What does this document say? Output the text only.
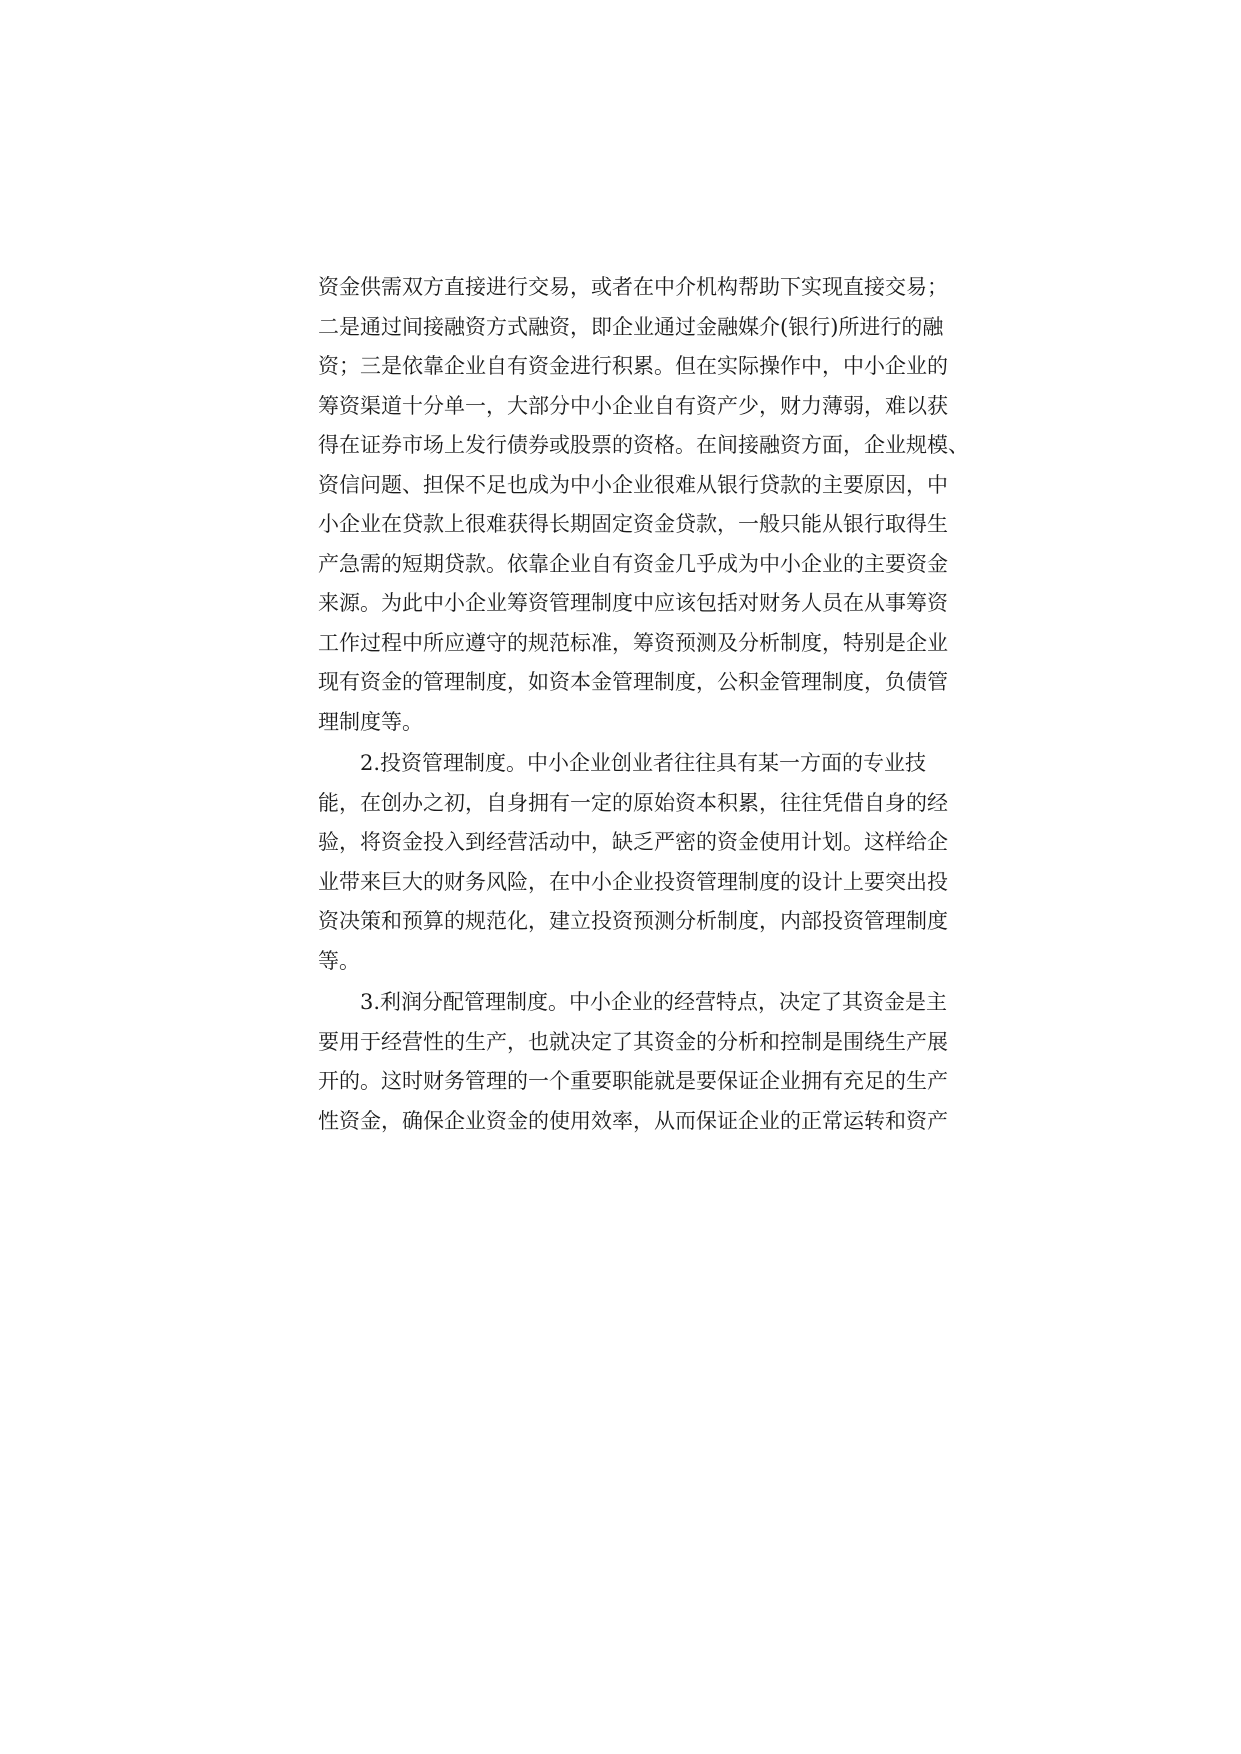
资金供需双方直接进行交易，或者在中介机构帮助下实现直接交易；
二是通过间接融资方式融资，即企业通过金融媒介(银行)所进行的融
资；三是依靠企业自有资金进行积累。但在实际操作中，中小企业的
筹资渠道十分单一，大部分中小企业自有资产少，财力薄弱，难以获
得在证券市场上发行债券或股票的资格。在间接融资方面，企业规模、
资信问题、担保不足也成为中小企业很难从银行贷款的主要原因，中
小企业在贷款上很难获得长期固定资金贷款，一般只能从银行取得生
产急需的短期贷款。依靠企业自有资金几乎成为中小企业的主要资金
来源。为此中小企业筹资管理制度中应该包括对财务人员在从事筹资
工作过程中所应遵守的规范标准，筹资预测及分析制度，特别是企业
现有资金的管理制度，如资本金管理制度，公积金管理制度，负债管
理制度等。
2.投资管理制度。中小企业创业者往往具有某一方面的专业技
能，在创办之初，自身拥有一定的原始资本积累，往往凭借自身的经
验，将资金投入到经营活动中，缺乏严密的资金使用计划。这样给企
业带来巨大的财务风险，在中小企业投资管理制度的设计上要突出投
资决策和预算的规范化，建立投资预测分析制度，内部投资管理制度
等。
3.利润分配管理制度。中小企业的经营特点，决定了其资金是主
要用于经营性的生产，也就决定了其资金的分析和控制是围绕生产展
开的。这时财务管理的一个重要职能就是要保证企业拥有充足的生产
性资金，确保企业资金的使用效率，从而保证企业的正常运转和资产
